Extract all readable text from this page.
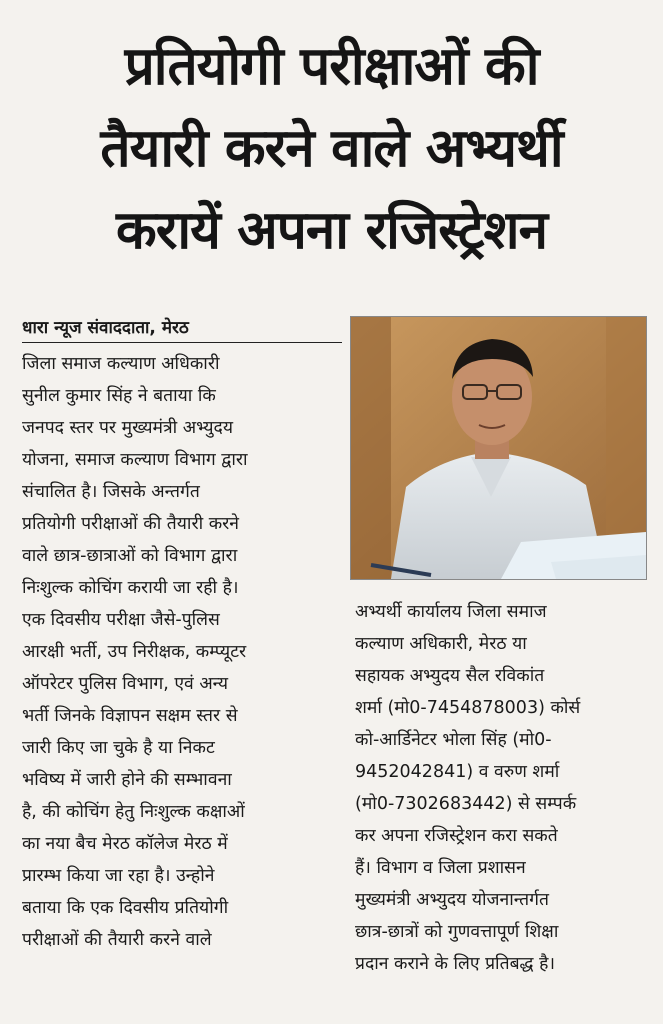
प्रतियोगी परीक्षाओं की
तैयारी करने वाले अभ्यर्थी
करायें अपना रजिस्ट्रेशन
धारा न्यूज संवाददाता, मेरठ
जिला समाज कल्याण अधिकारी
सुनील कुमार सिंह ने बताया कि
जनपद स्तर पर मुख्यमंत्री अभ्युदय
योजना, समाज कल्याण विभाग द्वारा
संचालित है। जिसके अन्तर्गत
प्रतियोगी परीक्षाओं की तैयारी करने
वाले छात्र-छात्राओं को विभाग द्वारा
निःशुल्क कोचिंग करायी जा रही है।
एक दिवसीय परीक्षा जैसे-पुलिस
आरक्षी भर्ती, उप निरीक्षक, कम्प्यूटर
ऑपरेटर पुलिस विभाग, एवं अन्य
भर्ती जिनके विज्ञापन सक्षम स्तर से
जारी किए जा चुके है या निकट
भविष्य में जारी होने की सम्भावना
है, की कोचिंग हेतु निःशुल्क कक्षाओं
का नया बैच मेरठ कॉलेज मेरठ में
प्रारम्भ किया जा रहा है। उन्होने
बताया कि एक दिवसीय प्रतियोगी
परीक्षाओं की तैयारी करने वाले
अभ्यर्थी कार्यालय जिला समाज
कल्याण अधिकारी, मेरठ या
सहायक अभ्युदय सैल रविकांत
शर्मा (मो0-7454878003) कोर्स
को-आर्डिनेटर भोला सिंह (मो0-
9452042841) व वरुण शर्मा
(मो0-7302683442) से सम्पर्क
कर अपना रजिस्ट्रेशन करा सकते
हैं। विभाग व जिला प्रशासन
मुख्यमंत्री अभ्युदय योजनान्तर्गत
छात्र-छात्रों को गुणवत्तापूर्ण शिक्षा
प्रदान कराने के लिए प्रतिबद्ध है।
